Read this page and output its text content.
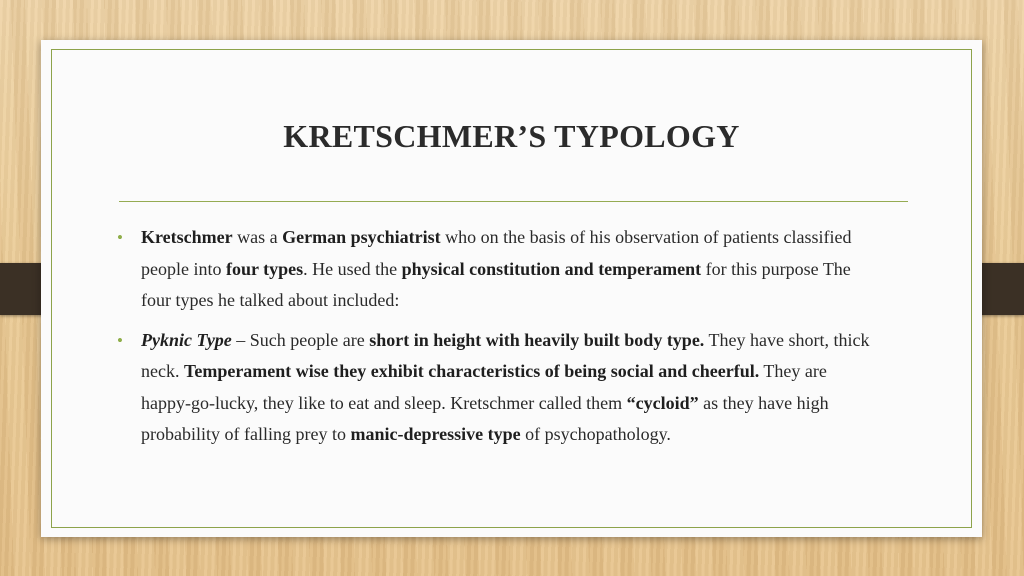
KRETSCHMER’S TYPOLOGY

• Kretschmer was a German psychiatrist who on the basis of his observation of patients classified people into four types. He used the physical constitution and temperament for this purpose The four types he talked about included:

• Pyknic Type – Such people are short in height with heavily built body type. They have short, thick neck. Temperament wise they exhibit characteristics of being social and cheerful. They are happy-go-lucky, they like to eat and sleep. Kretschmer called them “cycloid” as they have high probability of falling prey to manic-depressive type of psychopathology.
